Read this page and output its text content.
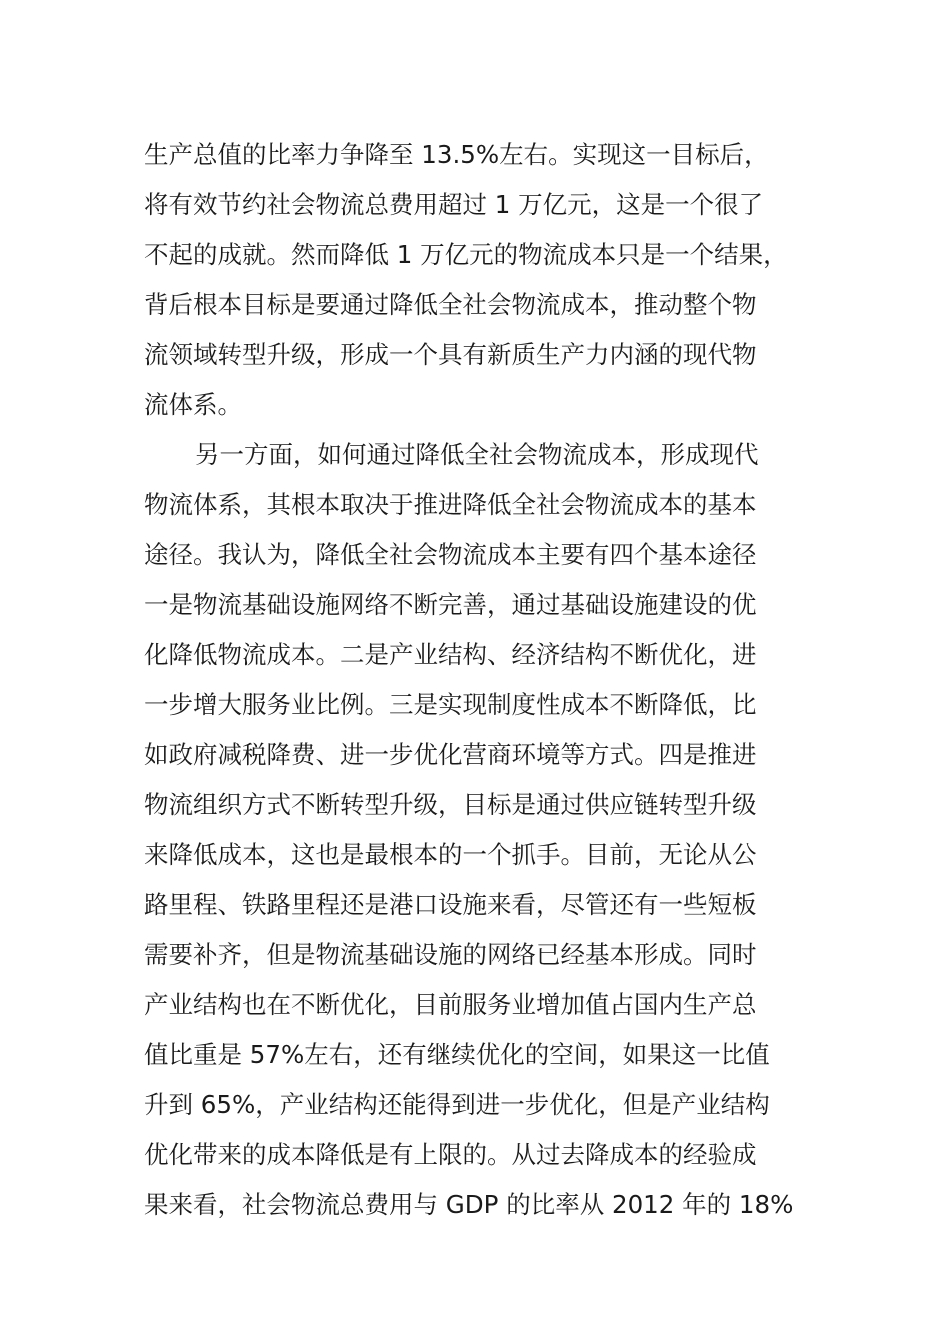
生产总值的比率力争降至 13.5%左右。实现这一目标后，
将有效节约社会物流总费用超过 1 万亿元，这是一个很了
不起的成就。然而降低 1 万亿元的物流成本只是一个结果，
背后根本目标是要通过降低全社会物流成本，推动整个物
流领域转型升级，形成一个具有新质生产力内涵的现代物
流体系。
另一方面，如何通过降低全社会物流成本，形成现代
物流体系，其根本取决于推进降低全社会物流成本的基本
途径。我认为，降低全社会物流成本主要有四个基本途径
一是物流基础设施网络不断完善，通过基础设施建设的优
化降低物流成本。二是产业结构、经济结构不断优化，进
一步增大服务业比例。三是实现制度性成本不断降低，比
如政府减税降费、进一步优化营商环境等方式。四是推进
物流组织方式不断转型升级，目标是通过供应链转型升级
来降低成本，这也是最根本的一个抓手。目前，无论从公
路里程、铁路里程还是港口设施来看，尽管还有一些短板
需要补齐，但是物流基础设施的网络已经基本形成。同时
产业结构也在不断优化，目前服务业增加值占国内生产总
值比重是 57%左右，还有继续优化的空间，如果这一比值
升到 65%，产业结构还能得到进一步优化，但是产业结构
优化带来的成本降低是有上限的。从过去降成本的经验成
果来看，社会物流总费用与 GDP 的比率从 2012 年的 18%
